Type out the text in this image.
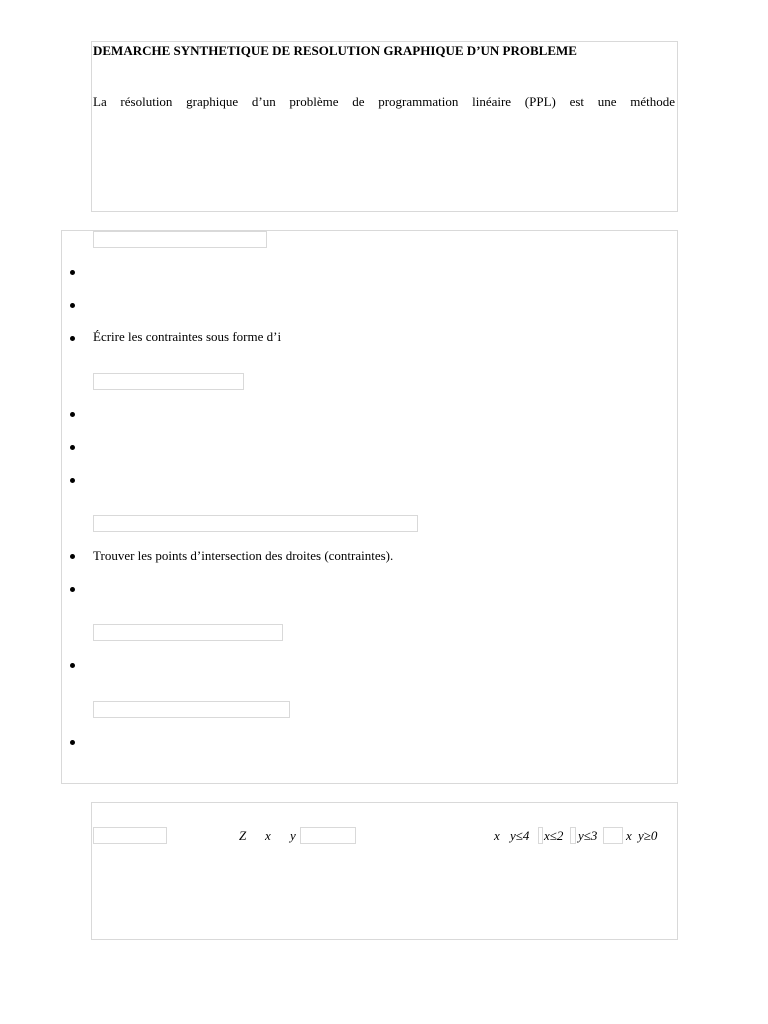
DEMARCHE SYNTHETIQUE DE RESOLUTION GRAPHIQUE D’UN PROBLEME
La résolution graphique d’un problème de programmation linéaire (PPL) est une méthode
Écrire les contraintes sous forme d’i
Trouver les points d’intersection des droites (contraintes).
Z x y	x y≤4 x≤2 y≤3 x y≥0
